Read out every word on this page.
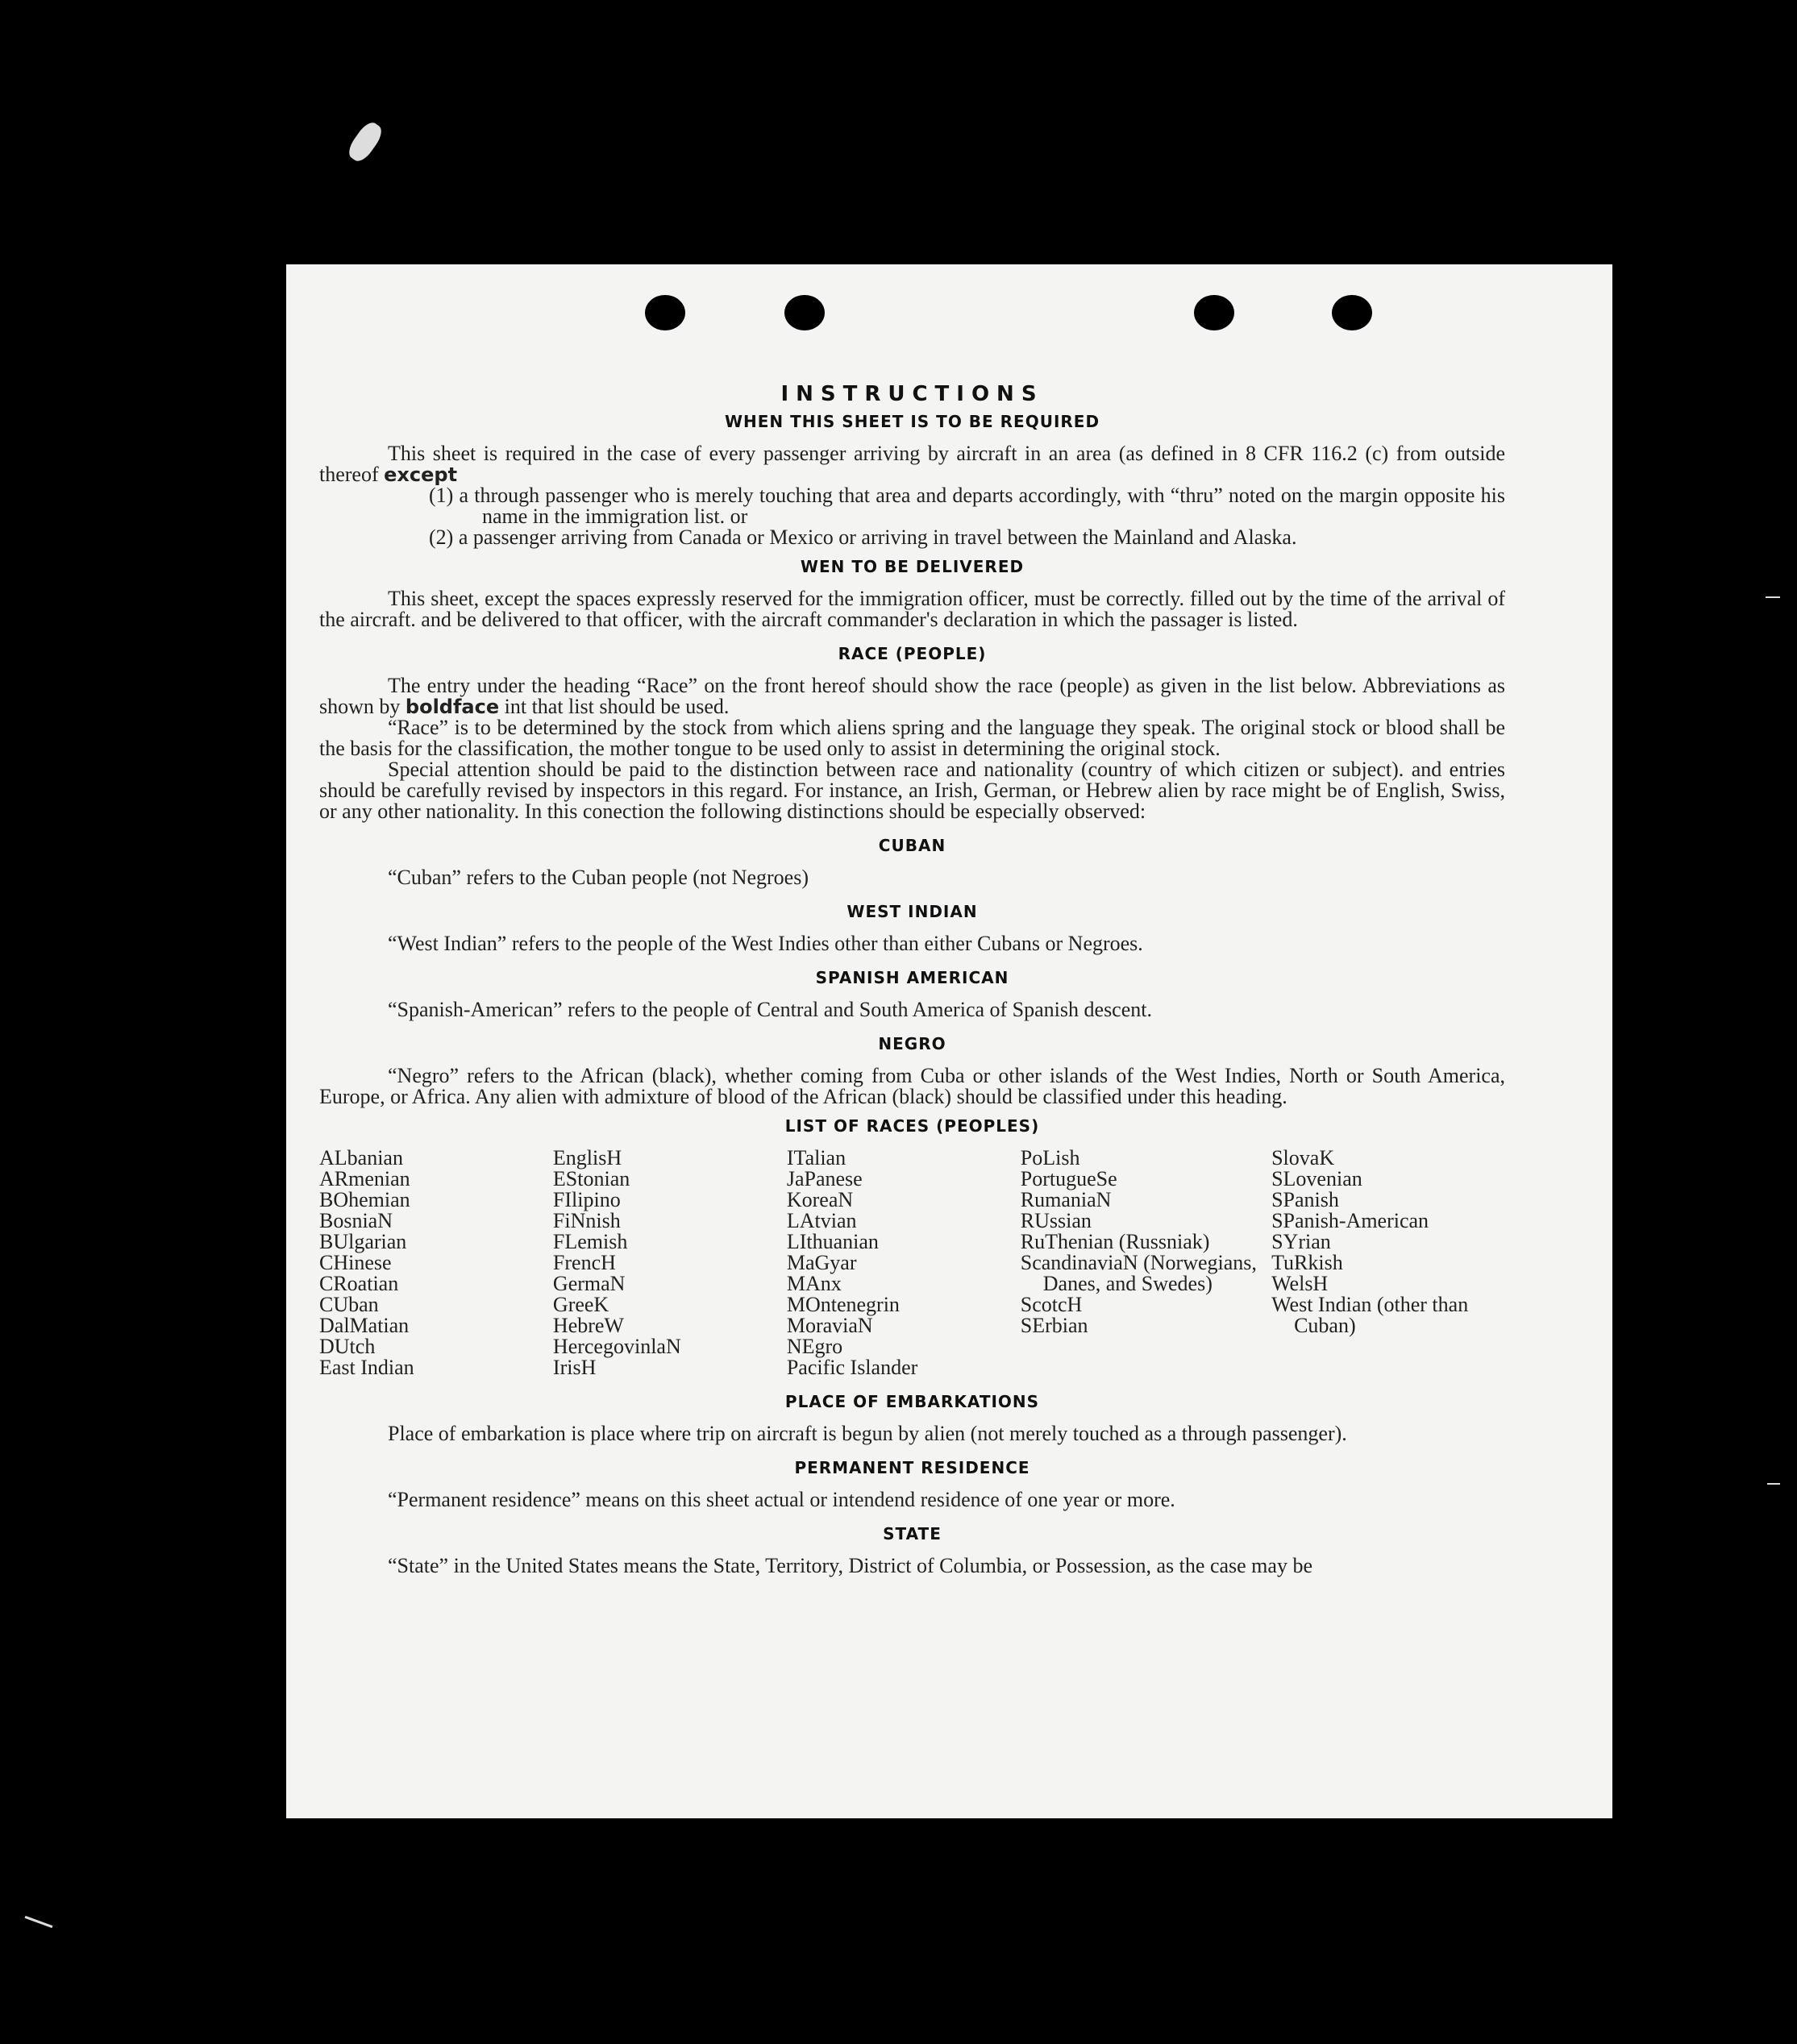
INSTRUCTIONS
WHEN THIS SHEET IS TO BE REQUIRED

This sheet is required in the case of every passenger arriving by aircraft in an area (as defined in 8 CFR 116.2 (c) from outside thereof except

(1) a through passenger who is merely touching that area and departs accordingly, with “thru” noted on the margin opposite his name in the immigration list. or

(2) a passenger arriving from Canada or Mexico or arriving in travel between the Mainland and Alaska.

WEN TO BE DELIVERED

This sheet, except the spaces expressly reserved for the immigration officer, must be correctly. filled out by the time of the arrival of the aircraft. and be delivered to that officer, with the aircraft commander's declaration in which the passager is listed.

RACE (PEOPLE)

The entry under the heading “Race” on the front hereof should show the race (people) as given in the list below. Abbreviations as shown by boldface int that list should be used.

“Race” is to be determined by the stock from which aliens spring and the language they speak. The original stock or blood shall be the basis for the classification, the mother tongue to be used only to assist in determining the original stock.

Special attention should be paid to the distinction between race and nationality (country of which citizen or subject). and entries should be carefully revised by inspectors in this regard. For instance, an Irish, German, or Hebrew alien by race might be of English, Swiss, or any other nationality. In this conection the following distinctions should be especially observed:

CUBAN

“Cuban” refers to the Cuban people (not Negroes)

WEST INDIAN

“West Indian” refers to the people of the West Indies other than either Cubans or Negroes.

SPANISH AMERICAN

“Spanish-American” refers to the people of Central and South America of Spanish descent.

NEGRO

“Negro” refers to the African (black), whether coming from Cuba or other islands of the West Indies, North or South America, Europe, or Africa. Any alien with admixture of blood of the African (black) should be classified under this heading.

LIST OF RACES (PEOPLES)
ALbanian
ARmenian
BOhemian
BosniaN
BUlgarian
CHinese
CRoatian
CUban
DalMatian
DUtch
East Indian
EnglisH
EStonian
FIlipino
FiNnish
FLemish
FrencH
GermaN
GreeK
HebreW
HercegovinlaN
IrisH
ITalian
JaPanese
KoreaN
LAtvian
LIthuanian
MaGyar
MAnx
MOntenegrin
MoraviaN
NEgro
Pacific Islander
PoLish
PortugueSe
RumaniaN
RUssian
RuThenian (Russniak)
ScandinaviaN (Norwegians, Danes, and Swedes)
ScotcH
SErbian
SlovaK
SLovenian
SPanish
SPanish-American
SYrian
TuRkish
WelsH
West Indian (other than Cuban)
PLACE OF EMBARKATIONS

Place of embarkation is place where trip on aircraft is begun by alien (not merely touched as a through passenger).

PERMANENT RESIDENCE

“Permanent residence” means on this sheet actual or intendend residence of one year or more.

STATE

“State” in the United States means the State, Territory, District of Columbia, or Possession, as the case may be
